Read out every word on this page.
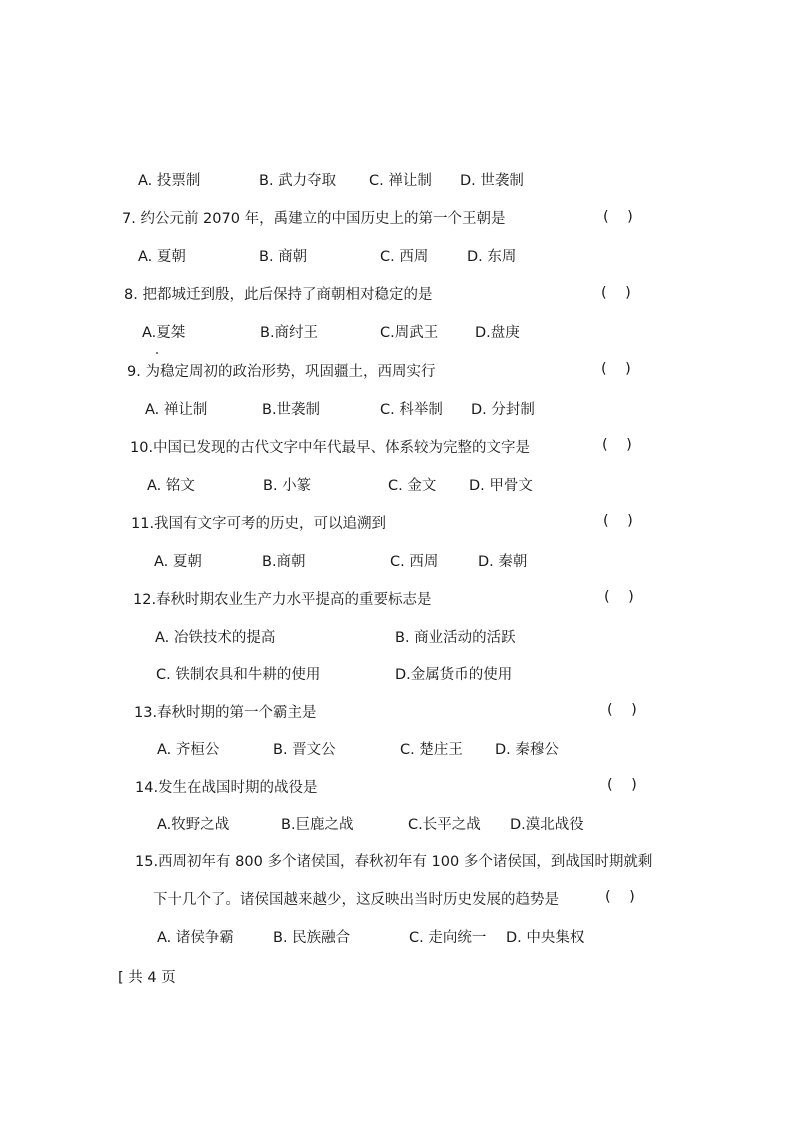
A. 投票制	B. 武力夺取 C. 禅让制 D. 世袭制
7. 约公元前 2070 年，禹建立的中国历史上的第一个王朝是	(    )
A. 夏朝	B. 商朝	C. 西周	D. 东周
8. 把都城迁到殷，此后保持了商朝相对稳定的是	(    )
A.夏桀	B.商纣王	C.周武王	D.盘庚
9. 为稳定周初的政治形势，巩固疆土，西周实行	(    )
A. 禅让制	B.世袭制	C. 科举制 D. 分封制
10.中国已发现的古代文字中年代最早、体系较为完整的文字是	(    )
A. 铭文	B. 小篆	C. 金文 D. 甲骨文
11.我国有文字可考的历史，可以追溯到	(    )
A. 夏朝	B.商朝	C. 西周	D. 秦朝
12.春秋时期农业生产力水平提高的重要标志是	(    )
A. 冶铁技术的提高	B. 商业活动的活跃
C. 铁制农具和牛耕的使用	D.金属货币的使用
13.春秋时期的第一个霸主是	(    )
A. 齐桓公	B. 晋文公	C. 楚庄王 D. 秦穆公
14.发生在战国时期的战役是	(    )
A.牧野之战	B.巨鹿之战	C.长平之战 D.漠北战役
15.西周初年有 800 多个诸侯国，春秋初年有 100 多个诸侯国，到战国时期就剩
下十几个了。诸侯国越来越少，这反映出当时历史发展的趋势是	(    )
A. 诸侯争霸	B. 民族融合	C. 走向统一 D. 中央集权
[ 共 4 页
